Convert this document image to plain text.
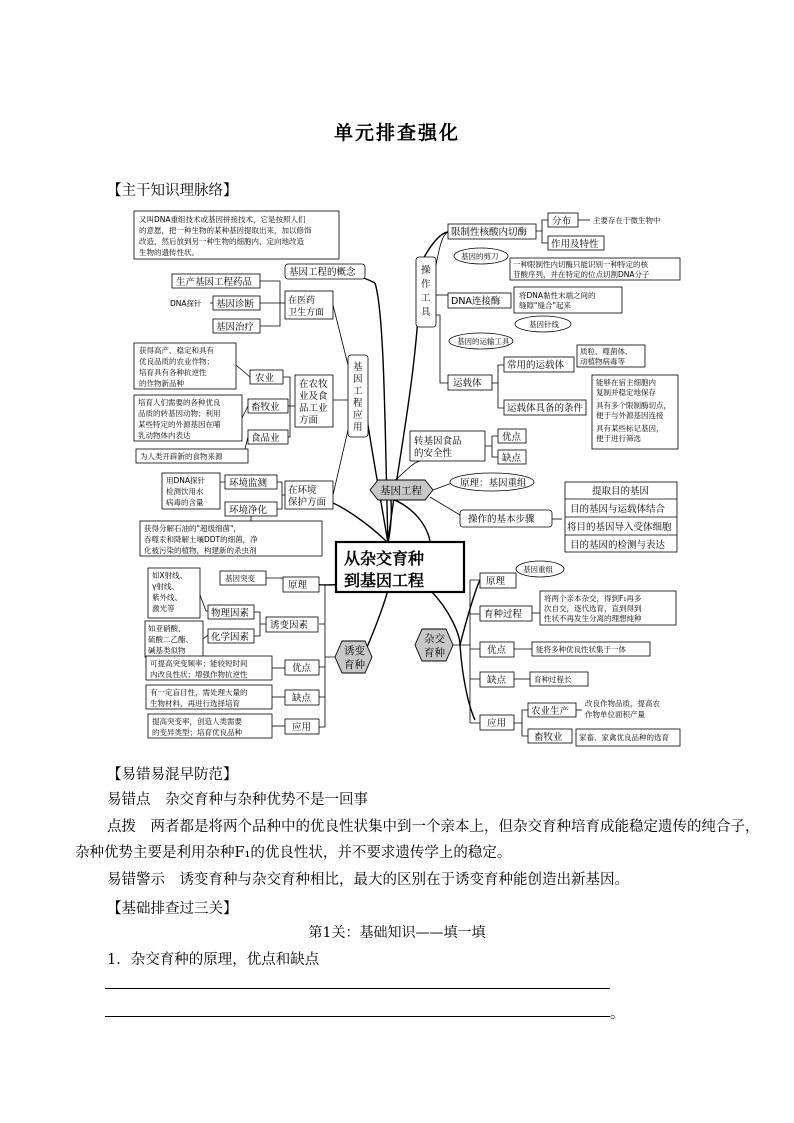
单元排查强化
【主干知识理脉络】
又叫DNA重组技术或基因拼接技术，它是按照人们
的意愿，把一种生物的某种基因提取出来，加以修饰
改造，然后放到另一种生物的细胞内，定向地改造
生物的遗传性状。
基因工程的概念	操
作
工
具
限制性核酸内切酶
分布	主要存在于微生物中
作用及特性
基因的剪刀
一种限制性内切酶只能识别一种特定的核
苷酸序列，并在特定的位点切割DNA分子
DNA连接酶
将DNA黏性末端之间的
缝隙"缝合"起来
基因针线
基因的运输工具
运载体
常用的运载体
质粒、噬菌体、
动植物病毒等
运载体具备的条件
能够在宿主细胞内
复制并稳定地保存
具有多个限制酶切点，
便于与外源基因连接
具有某些标记基因，
便于进行筛选
生产基因工程药品
基因诊断
DNA探针
基因治疗
在医药卫生方面
基
因
工
程
应
用
获得高产、稳定和具有
优良品质的农业作物；
培育具有各种抗逆性
的作物新品种	农业
培育人们需要的各种优良
品质的转基因动物；利用
某些特定的外源基因在哺
乳动物体内表达
畜牧业
食品业
为人类开辟新的食物来源
在农牧
业及食
品工业
方面
转基因食品
的安全性
优点
缺点
用DNA探针
检测饮用水
病毒的含量
环境监测
环境净化
在环境
保护方面
获得分解石油的"超级细菌"，
吞噬汞和降解土壤DDT的细菌，净
化被污染的植物，构建新的杀虫剂
基因工程
原理：基因重组
操作的基本步骤
提取目的基因
目的基因与运载体结合
将目的基因导入受体细胞
目的基因的检测与表达
从杂交育种
到基因工程
如X射线、
γ射线、
紫外线、
激光等
基因突变
原理
物理因素
如亚硝酸、
硫酸二乙酯、
碱基类似物
化学因素
诱变因素
可提高突变频率；能较短时间
内改良性状；增强作物抗逆性
优点
有一定盲目性，需处理大量的
生物材料，再进行选择培育	缺点
提高突变率，创造人类需要
的变异类型；培育优良品种	应用
诱变
育种
杂交
育种
原理
基因重组
育种过程
将两个亲本杂交，得到F₁再多
次自交，逐代选育，直到得到
性状不再发生分离的理想纯种
优点	能将多种优良性状集于一体
缺点	育种过程长
应用
农业生产
改良作物品质，提高农
作物单位面积产量
畜牧业 家畜、家禽优良品种的选育
【易错易混早防范】
易错点　 杂交育种与杂种优势不是一回事
点拨　两者都是将两个品种中的优良性状集中到一个亲本上，但杂交育种培育成能稳定遗传的纯合子，
杂种优势主要是利用杂种F₁的优良性状，并不要求遗传学上的稳定。
易错警示　诱变育种与杂交育种相比，最大的区别在于诱变育种能创造出新基因。
【基础排查过三关】
第1关：基础知识——填一填
1．杂交育种的原理，优点和缺点
。
